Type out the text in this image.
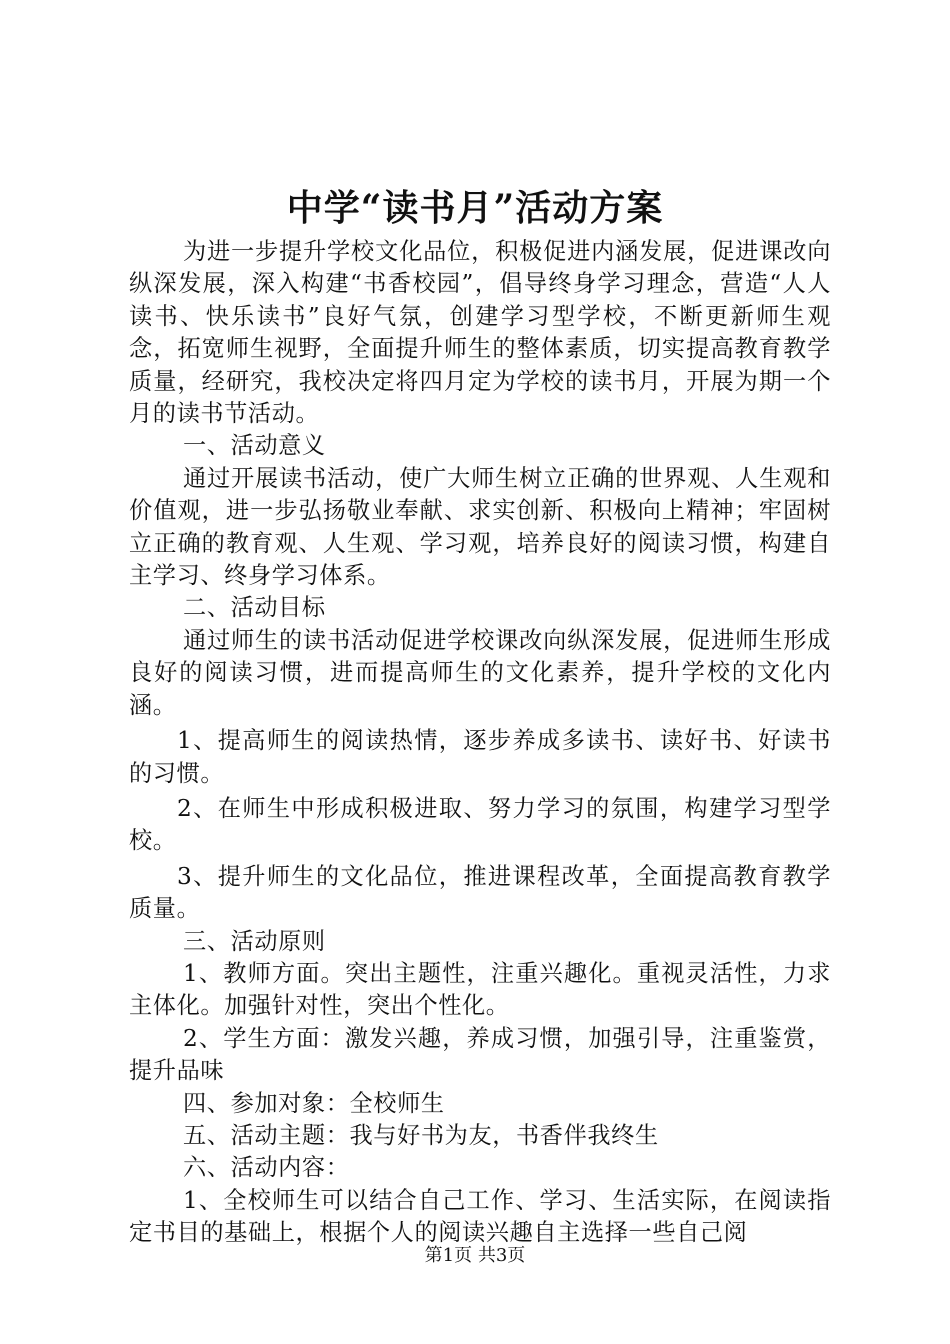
中学“读书月”活动方案

为进一步提升学校文化品位，积极促进内涵发展，促进课改向纵深发展，深入构建“书香校园”，倡导终身学习理念，营造“人人读书、快乐读书”良好气氛，创建学习型学校，不断更新师生观念，拓宽师生视野，全面提升师生的整体素质，切实提高教育教学质量，经研究，我校决定将四月定为学校的读书月，开展为期一个月的读书节活动。

一、活动意义

通过开展读书活动，使广大师生树立正确的世界观、人生观和价值观，进一步弘扬敬业奉献、求实创新、积极向上精神；牢固树立正确的教育观、人生观、学习观，培养良好的阅读习惯，构建自主学习、终身学习体系。

二、活动目标

通过师生的读书活动促进学校课改向纵深发展，促进师生形成良好的阅读习惯，进而提高师生的文化素养，提升学校的文化内涵。

1、提高师生的阅读热情，逐步养成多读书、读好书、好读书的习惯。

2、在师生中形成积极进取、努力学习的氛围，构建学习型学校。

3、提升师生的文化品位，推进课程改革，全面提高教育教学质量。

三、活动原则

1、教师方面。突出主题性，注重兴趣化。重视灵活性，力求主体化。加强针对性，突出个性化。

2、学生方面：激发兴趣，养成习惯，加强引导，注重鉴赏，提升品味

四、参加对象：全校师生

五、活动主题：我与好书为友，书香伴我终生

六、活动内容：

1、全校师生可以结合自己工作、学习、生活实际，在阅读指定书目的基础上，根据个人的阅读兴趣自主选择一些自己阅

第1页 共3页
